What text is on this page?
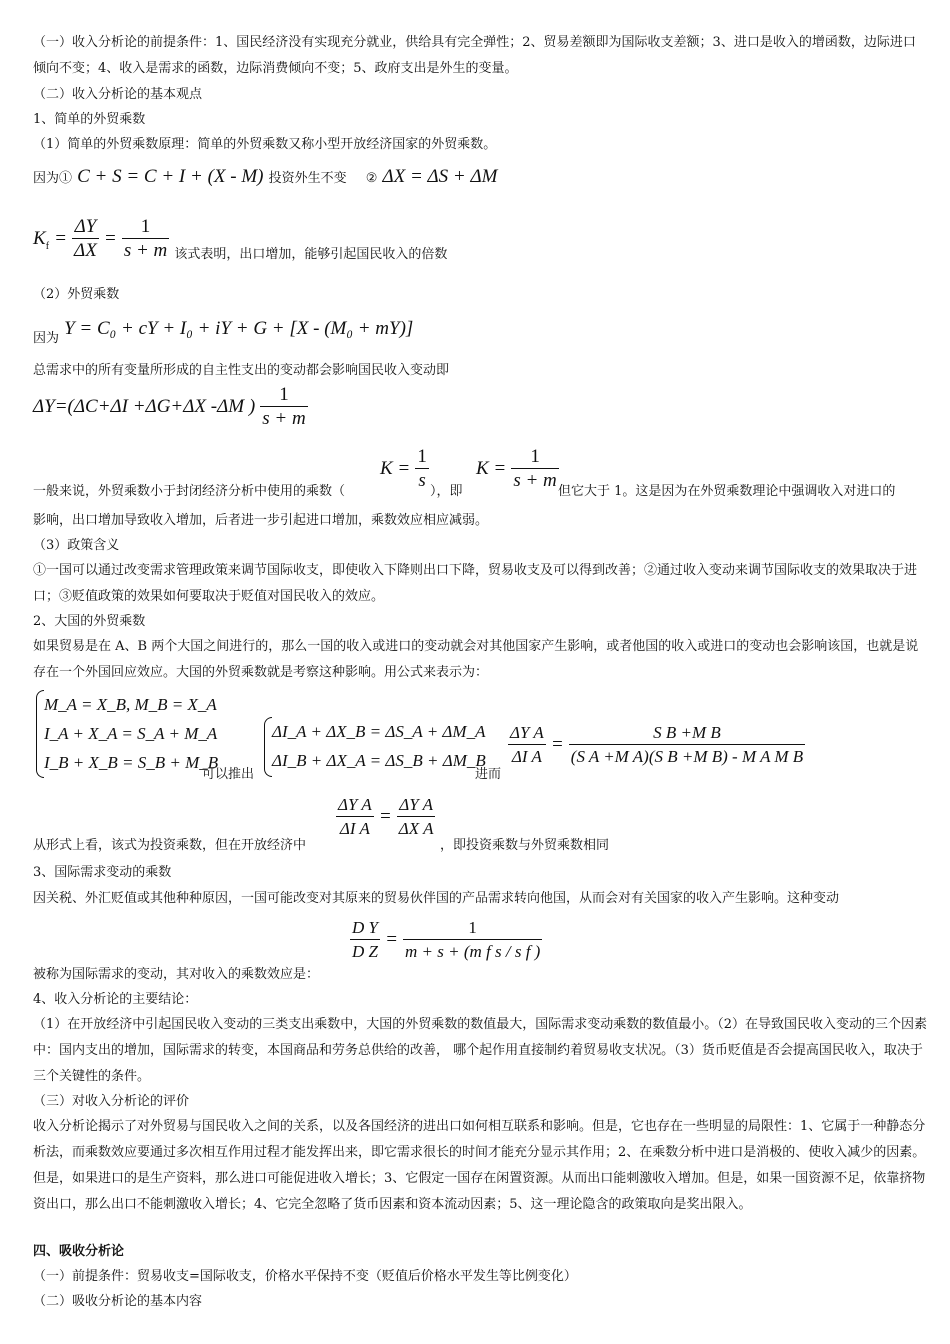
（一）收入分析论的前提条件：1、国民经济没有实现充分就业，供给具有完全弹性；2、贸易差额即为国际收支差额；3、进口是收入的增函数，边际进口倾向不变；4、收入是需求的函数，边际消费倾向不变；5、政府支出是外生的变量。

（二）收入分析论的基本观点

1、简单的外贸乘数

（1）简单的外贸乘数原理：简单的外贸乘数又称小型开放经济国家的外贸乘数。

因为① C + S = C + I + (X - M) 投资外生不变 ② ΔX = ΔS + ΔM
$K_f = \frac{\Delta Y}{\Delta X} = \frac{1}{s + m} _{该式表明,出口增加,能够引起国民收入的倍数}$

（2）外贸乘数

$_{因为}$ Y = C₀ + cY + I₀ + iY + G + [X - (M₀ + mY)]

总需求中的所有变量所形成的自主性支出的变动都会影响国民收入变动即

ΔY=(ΔC+ΔI +ΔG+ΔX -ΔM ) $\frac{1}{s + m}$
$K = \frac{1}{s}$ $K = \frac{1}{s + m}$
一般来说，外贸乘数小于封闭经济分析中使用的乘数（	），即	但它大于 1。这是因为在外贸乘数理论中强调收入对进口的

影响，出口增加导致收入增加，后者进一步引起进口增加，乘数效应相应减弱。

（3）政策含义

①一国可以通过改变需求管理政策来调节国际收支，即使收入下降则出口下降，贸易收支及可以得到改善；②通过收入变动来调节国际收支的效果取决于进口；③贬值政策的效果如何要取决于贬值对国民收入的效应。

2、大国的外贸乘数

如果贸易是在 A、B 两个大国之间进行的，那么一国的收入或进口的变动就会对其他国家产生影响，或者他国的收入或进口的变动也会影响该国，也就是说存在一个外国回应效应。大国的外贸乘数就是考察这种影响。用公式来表示为：

M_A = X_B, M_B = X_A
I_A + X_A = S_A + M_A
I_B + X_B = S_B + M_B
可以推出
ΔI_A + ΔX_B = ΔS_A + ΔM_A
ΔI_B + ΔX_A = ΔS_B + ΔM_B
进而
$\frac{\text{ΔY A}}{\text{ΔI A}} = \frac{\text{S B +M B}}{\text{(S A +M A)(S B +M B) - M A M B}}$
$\frac{\text{ΔY A}}{\text{ΔI A}} = \frac{\text{ΔY A}}{\text{ΔX A}}$
从形式上看，该式为投资乘数，但在开放经济中	，即投资乘数与外贸乘数相同

3、国际需求变动的乘数

因关税、外汇贬值或其他种种原因，一国可能改变对其原来的贸易伙伴国的产品需求转向他国，从而会对有关国家的收入产生影响。这种变动

$\frac{\text{D Y}}{\text{D Z}} = \frac{1}{\text{m + s + (m f s / s f )}}$
被称为国际需求的变动，其对收入的乘数效应是：

4、收入分析论的主要结论：

（1）在开放经济中引起国民收入变动的三类支出乘数中，大国的外贸乘数的数值最大，国际需求变动乘数的数值最小。（2）在导致国民收入变动的三个因素中：国内支出的增加，国际需求的转变，本国商品和劳务总供给的改善， 哪个起作用直接制约着贸易收支状况。（3）货币贬值是否会提高国民收入，取决于三个关键性的条件。

（三）对收入分析论的评价

收入分析论揭示了对外贸易与国民收入之间的关系，以及各国经济的进出口如何相互联系和影响。但是，它也存在一些明显的局限性：1、它属于一种静态分析法，而乘数效应要通过多次相互作用过程才能发挥出来，即它需求很长的时间才能充分显示其作用；2、在乘数分析中进口是消极的、使收入减少的因素。但是，如果进口的是生产资料，那么进口可能促进收入增长；3、它假定一国存在闲置资源。从而出口能刺激收入增加。但是，如果一国资源不足，依靠挤物资出口，那么出口不能刺激收入增长；4、它完全忽略了货币因素和资本流动因素；5、这一理论隐含的政策取向是奖出限入。

四、吸收分析论

（一）前提条件：贸易收支=国际收支，价格水平保持不变（贬值后价格水平发生等比例变化）

（二）吸收分析论的基本内容
